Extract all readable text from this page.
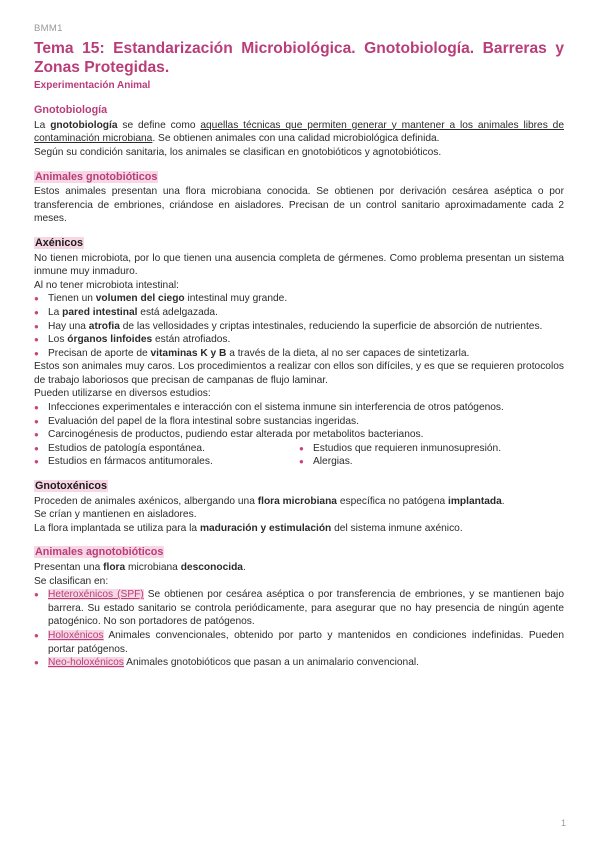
BMM1
Tema 15: Estandarización Microbiológica. Gnotobiología. Barreras y Zonas Protegidas.
Experimentación Animal
Gnotobiología

La gnotobiología se define como aquellas técnicas que permiten generar y mantener a los animales libres de contaminación microbiana. Se obtienen animales con una calidad microbiológica definida.

Según su condición sanitaria, los animales se clasifican en gnotobióticos y agnotobióticos.

Animales gnotobióticos

Estos animales presentan una flora microbiana conocida. Se obtienen por derivación cesárea aséptica o por transferencia de embriones, criándose en aisladores. Precisan de un control sanitario aproximadamente cada 2 meses.

Axénicos

No tienen microbiota, por lo que tienen una ausencia completa de gérmenes. Como problema presentan un sistema inmune muy inmaduro.

Al no tener microbiota intestinal:

● Tienen un volumen del ciego intestinal muy grande.
● La pared intestinal está adelgazada.
● Hay una atrofia de las vellosidades y criptas intestinales, reduciendo la superficie de absorción de nutrientes.
● Los órganos linfoides están atrofiados.
● Precisan de aporte de vitaminas K y B a través de la dieta, al no ser capaces de sintetizarla.

Estos son animales muy caros. Los procedimientos a realizar con ellos son difíciles, y es que se requieren protocolos de trabajo laboriosos que precisan de campanas de flujo laminar.

Pueden utilizarse en diversos estudios:

● Infecciones experimentales e interacción con el sistema inmune sin interferencia de otros patógenos.
● Evaluación del papel de la flora intestinal sobre sustancias ingeridas.
● Carcinogénesis de productos, pudiendo estar alterada por metabolitos bacterianos.
● Estudios de patología espontánea.
● Estudios en fármacos antitumorales.
● Estudios que requieren inmunosupresión.
● Alergias.
Gnotoxénicos

Proceden de animales axénicos, albergando una flora microbiana específica no patógena implantada.

Se crían y mantienen en aisladores.

La flora implantada se utiliza para la maduración y estimulación del sistema inmune axénico.

Animales agnotobióticos

Presentan una flora microbiana desconocida.

Se clasifican en:

● Heteroxénicos (SPF) Se obtienen por cesárea aséptica o por transferencia de embriones, y se mantienen bajo barrera. Su estado sanitario se controla periódicamente, para asegurar que no hay presencia de ningún agente patogénico. No son portadores de patógenos.
● Holoxénicos Animales convencionales, obtenido por parto y mantenidos en condiciones indefinidas. Pueden portar patógenos.
● Neo-holoxénicos Animales gnotobióticos que pasan a un animalario convencional.
1
